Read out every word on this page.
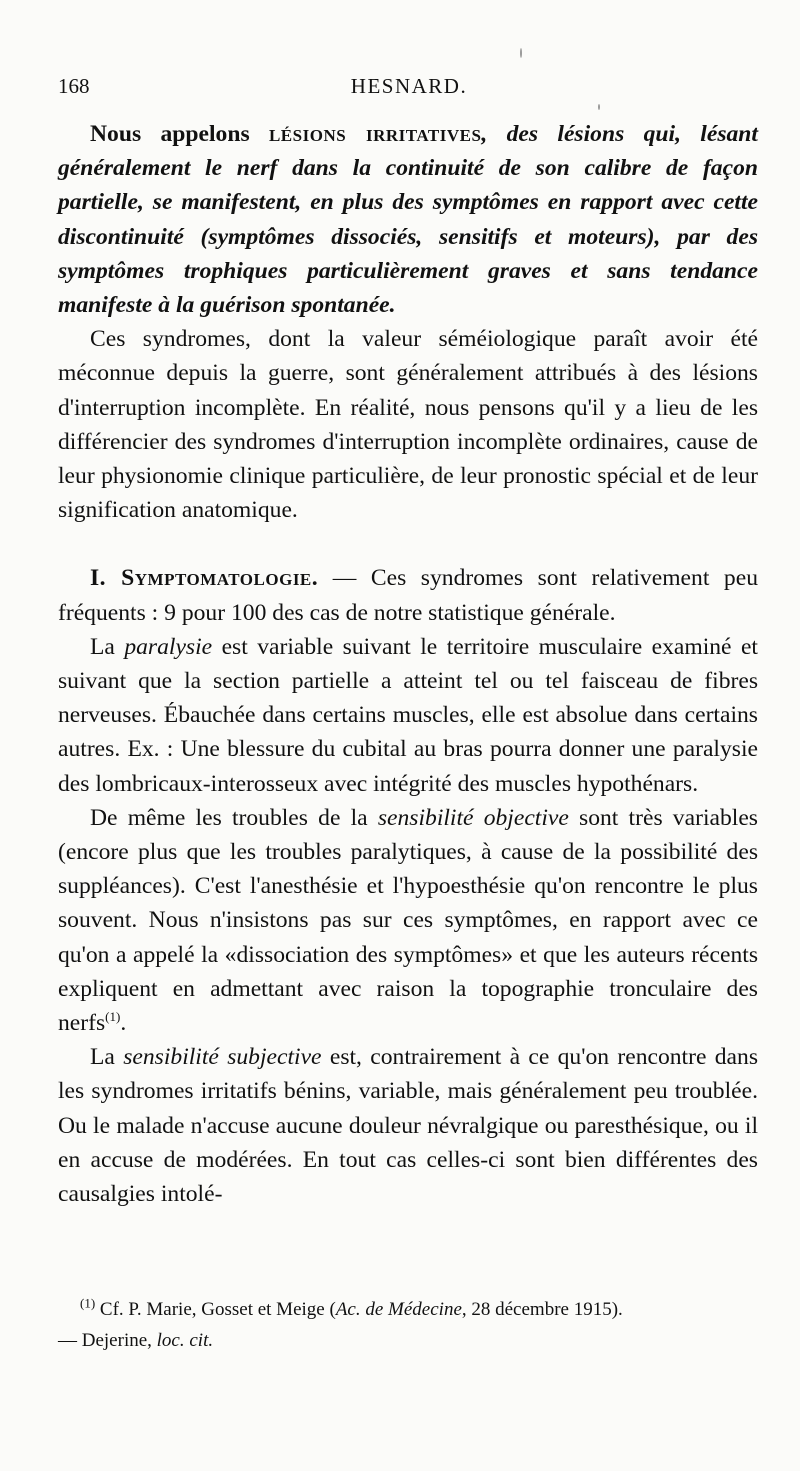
168	HESNARD.

Nous appelons lésions irritatives, des lésions qui, lésant généralement le nerf dans la continuité de son calibre de façon partielle, se manifestent, en plus des symptômes en rapport avec cette discontinuité (symptômes dissociés, sensitifs et moteurs), par des symptômes trophiques particulièrement graves et sans tendance manifeste à la guérison spontanée.

Ces syndromes, dont la valeur séméiologique paraît avoir été méconnue depuis la guerre, sont généralement attribués à des lésions d'interruption incomplète. En réalité, nous pensons qu'il y a lieu de les différencier des syndromes d'interruption incomplète ordinaires, cause de leur physionomie clinique particulière, de leur pronostic spécial et de leur signification anatomique.

I. Symptomatologie. — Ces syndromes sont relativement peu fréquents : 9 pour 100 des cas de notre statistique générale.

La paralysie est variable suivant le territoire musculaire examiné et suivant que la section partielle a atteint tel ou tel faisceau de fibres nerveuses. Ébauchée dans certains muscles, elle est absolue dans certains autres. Ex. : Une blessure du cubital au bras pourra donner une paralysie des lombricaux-interosseux avec intégrité des muscles hypothénars.

De même les troubles de la sensibilité objective sont très variables (encore plus que les troubles paralytiques, à cause de la possibilité des suppléances). C'est l'anesthésie et l'hypoesthésie qu'on rencontre le plus souvent. Nous n'insistons pas sur ces symptômes, en rapport avec ce qu'on a appelé la «dissociation des symptômes» et que les auteurs récents expliquent en admettant avec raison la topographie tronculaire des nerfs$^{(1)}$.

La sensibilité subjective est, contrairement à ce qu'on rencontre dans les syndromes irritatifs bénins, variable, mais généralement peu troublée. Ou le malade n'accuse aucune douleur névralgique ou paresthésique, ou il en accuse de modérées. En tout cas celles-ci sont bien différentes des causalgies intolé-

$^{(1)}$ Cf. P. Marie, Gosset et Meige (Ac. de Médecine, 28 décembre 1915).

— Dejerine, loc. cit.
